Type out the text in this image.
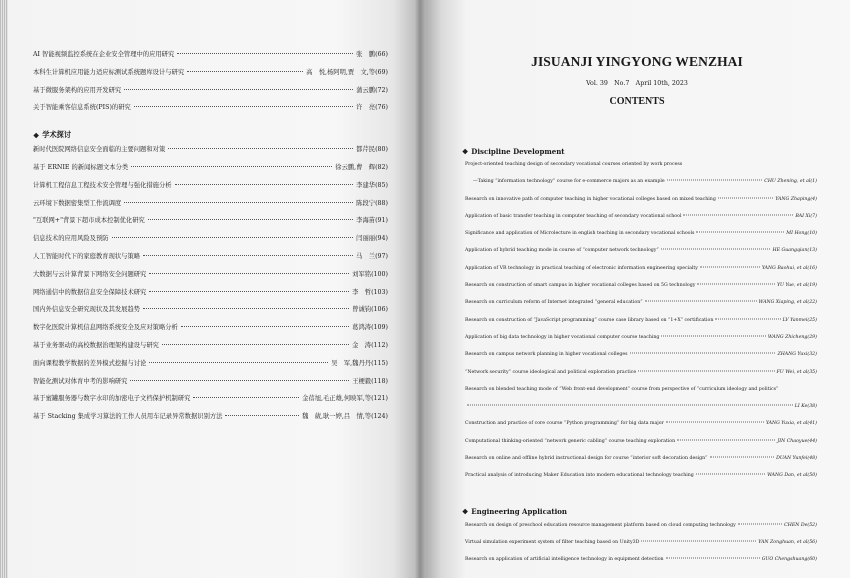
AI 智能视频监控系统在企业安全管理中的应用研究	张　鹏(66)
本科生计算机应用能力适应标测试系统题库设计与研究	高　悦,杨阿明,贾　文,等(69)
基于微服务架构的应用开发研究	蒲云鹏(72)
关于智能乘客信息系统(PIS)的研究	许　亮(76)
❖ 学术探讨
新时代医院网络信息安全面临的主要问题和对策	都芹民(80)
基于 ERNIE 的新闻标题文本分类	徐云鹏,曹　辉(82)
计算机工程信息工程技术安全管理与强化措施分析	李建华(85)
云环境下数据密集型工作流调度	陈段宁(88)
"互联网+"背景下超市成本控制优化研究	李海苗(91)
信息技术的应用风险及预防	闫丽丽(94)
人工智能时代下的家庭教育现状与策略	马　兰(97)
大数据与云计算背景下网络安全问题研究	刘军铭(100)
网络通信中的数据信息安全保障技术研究	李　哲(103)
国内外信息安全研究现状及其发展趋势	曾诚钧(106)
数字化医院计算机信息网络系统安全及应对策略分析	葛鸿涛(109)
基于业务驱动的高校数据治理架构建设与研究	金　涛(112)
面向课程教学数据的差异模式挖掘与讨论	吴　军,魏丹丹(115)
智能化测试对体育中考的影响研究	王梗毅(118)
基于蜜罐服务器与数字水印的加密电子文档保护机制研究	金蓓旭,毛正雄,何映军,等(121)
基于 Stacking 集成学习算法的工作人员用车记录异常数据识别方法	魏　葳,耿一婷,吕　情,等(124)
JISUANJI YINGYONG WENZHAI
Vol. 39　No.7　April 10th, 2023
CONTENTS
❖ Discipline Development
Project-oriented teaching design of secondary vocational courses oriented by work process
—Taking “information technology” course for e-commerce majors as an example	CHU Zhening, et al(1)
Research on innovative path of computer teaching in higher vocational colleges based on mixed teaching	YANG Zhaping(4)
Application of basic transfer teaching in computer teaching of secondary vocational school	BAI Xi(7)
Significance and application of Microlecture in english teaching in secondary vocational schools	MI Hong(10)
Application of hybrid teaching mode in course of “computer network technology”	HE Guangqian(13)
Application of VR technology in practical teaching of electronic information engineering specialty	YANG Baohui, et al(16)
Research on construction of smart campus in higher vocational colleges based on 5G technology	YU Yue, et al(19)
Research on curriculum reform of Internet integrated “general education”	WANG Xiaping, et al(22)
Research on construction of “JavaScript programming” course case library based on “1+X” certification	LV Yanmei(25)
Application of big data technology in higher vocational computer course teaching	WANG Zhicheng(29)
Research on campus network planning in higher vocational colleges	ZHANG Yuxi(32)
“Network security” course ideological and political exploration practice	FU Wei, et al(35)
Research on blended teaching mode of “Web front-end development” course from perspective of “curriculum ideology and politics”
LI Ke(38)
Construction and practice of core course “Python programming” for big data major	YANG Yuxia, et al(41)
Computational thinking-oriented “network generic cabling” course teaching exploration	JIN Chaoyue(44)
Research on online and offline hybrid instructional design for course “interior soft decoration design”	DUAN Yunfei(48)
Practical analysis of introducing Maker Education into modern educational technology teaching	WANG Dan, et al(50)
❖ Engineering Application
Research on design of preschool education resource management platform based on cloud computing technology	CHEN De(52)
Virtual simulation experiment system of filter teaching based on Unity3D	YAN Zonghuan, et al(56)
Research on application of artificial intelligence technology in equipment detection	GUO Chengshuang(60)
